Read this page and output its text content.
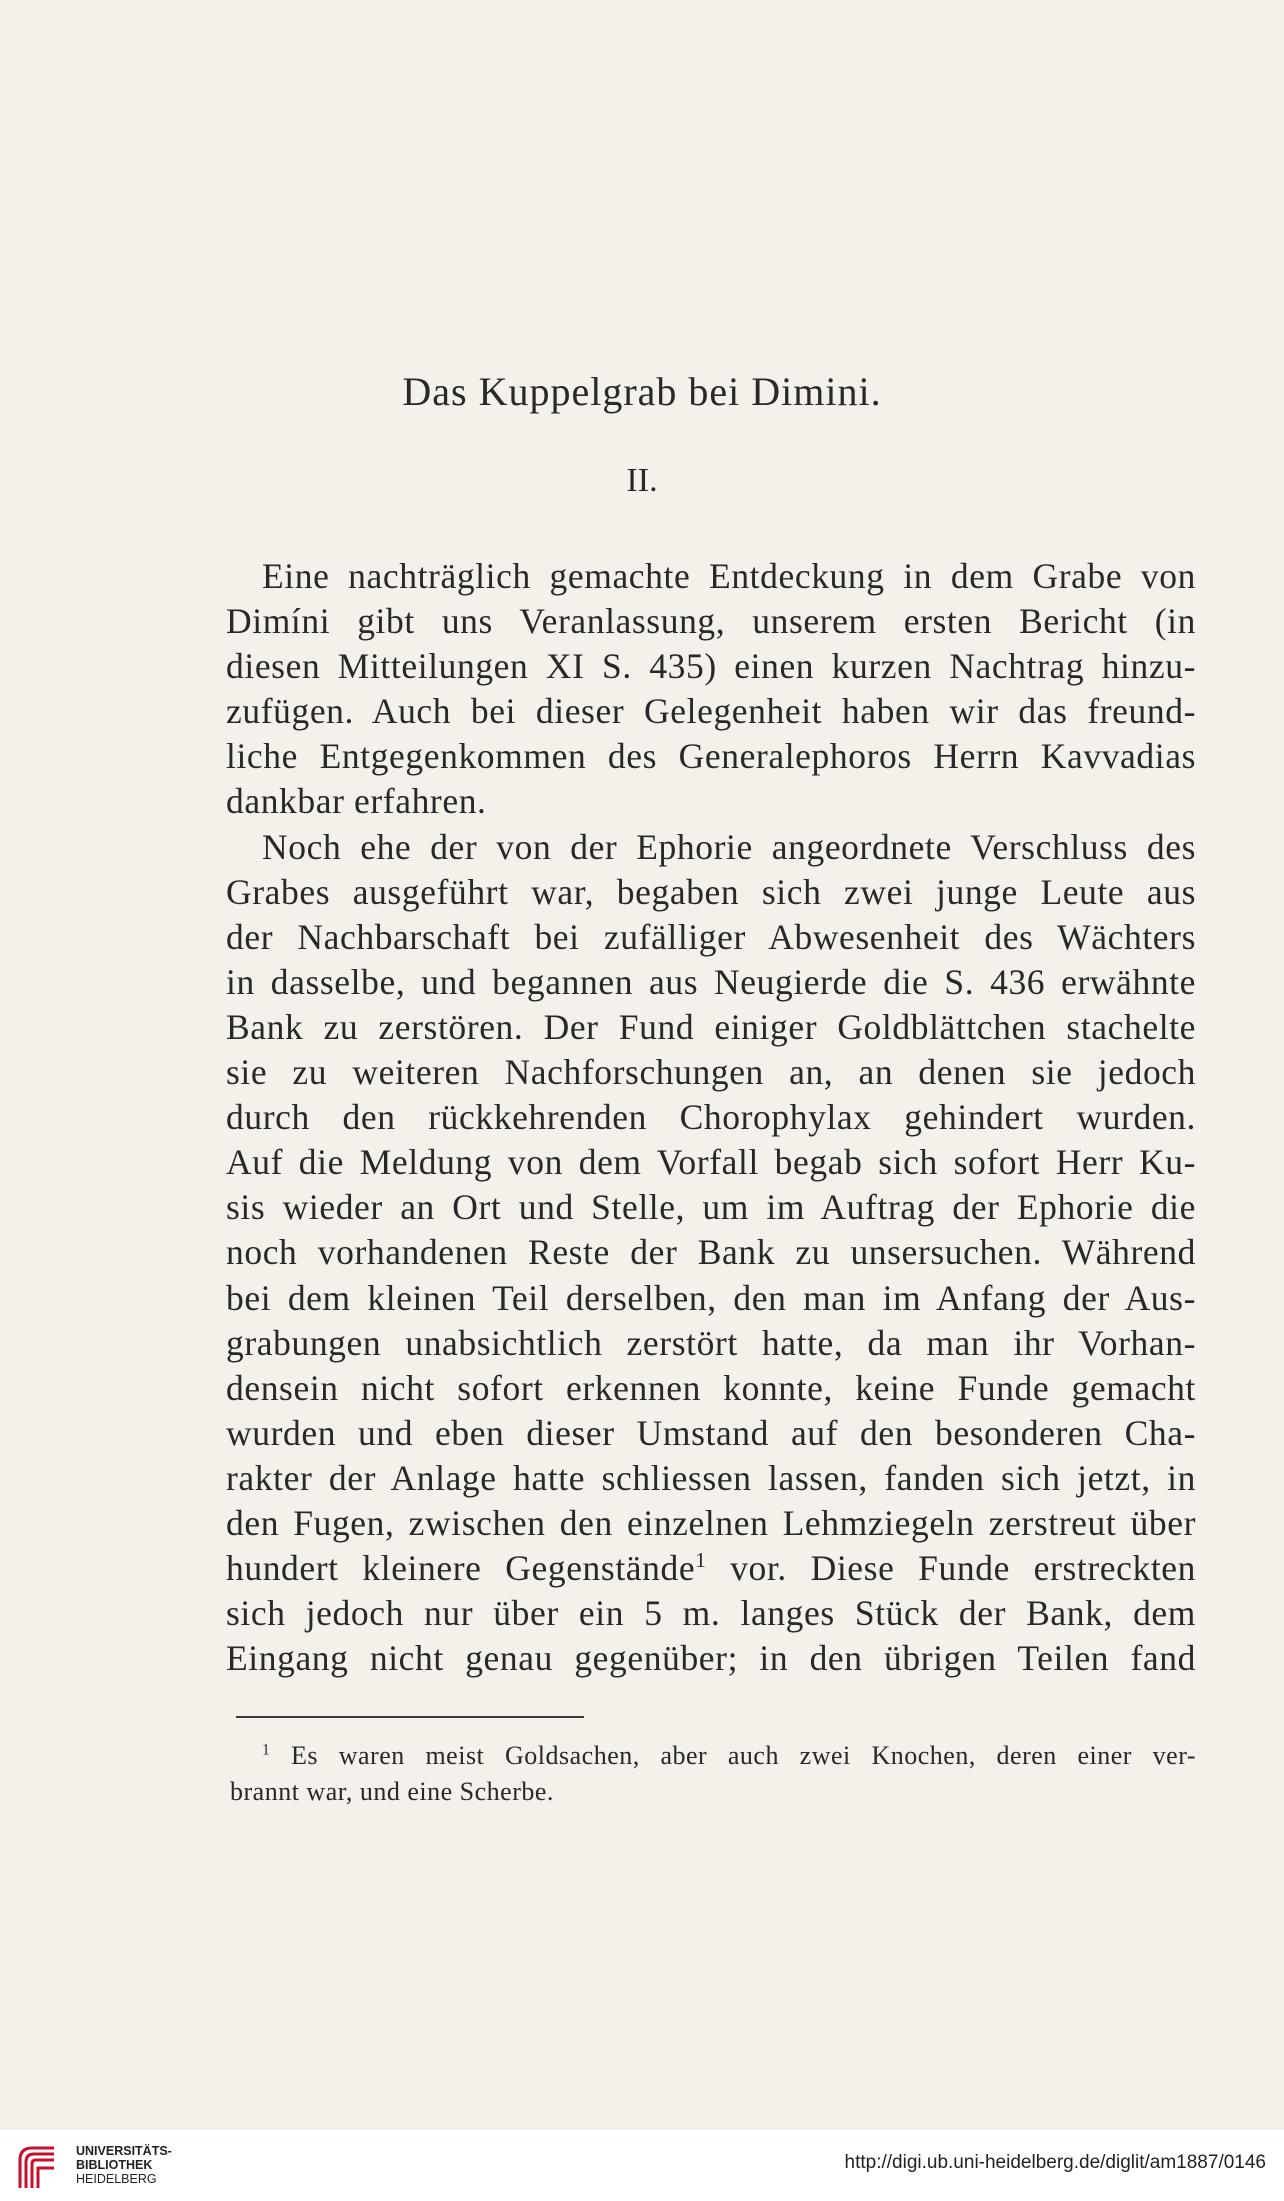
Das Kuppelgrab bei Dimini.
II.
Eine nachträglich gemachte Entdeckung in dem Grabe von
Dimíni gibt uns Veranlassung, unserem ersten Bericht (in
diesen Mitteilungen XI S. 435) einen kurzen Nachtrag hinzu-
zufügen. Auch bei dieser Gelegenheit haben wir das freund-
liche Entgegenkommen des Generalephoros Herrn Kavvadias
dankbar erfahren.
Noch ehe der von der Ephorie angeordnete Verschluss des
Grabes ausgeführt war, begaben sich zwei junge Leute aus
der Nachbarschaft bei zufälliger Abwesenheit des Wächters
in dasselbe, und begannen aus Neugierde die S. 436 erwähnte
Bank zu zerstören. Der Fund einiger Goldblättchen stachelte
sie zu weiteren Nachforschungen an, an denen sie jedoch
durch den rückkehrenden Chorophylax gehindert wurden.
Auf die Meldung von dem Vorfall begab sich sofort Herr Ku-
sis wieder an Ort und Stelle, um im Auftrag der Ephorie die
noch vorhandenen Reste der Bank zu unsersuchen. Während
bei dem kleinen Teil derselben, den man im Anfang der Aus-
grabungen unabsichtlich zerstört hatte, da man ihr Vorhan-
densein nicht sofort erkennen konnte, keine Funde gemacht
wurden und eben dieser Umstand auf den besonderen Cha-
rakter der Anlage hatte schliessen lassen, fanden sich jetzt, in
den Fugen, zwischen den einzelnen Lehmziegeln zerstreut über
hundert kleinere Gegenstände$^1$ vor. Diese Funde erstreckten
sich jedoch nur über ein 5 m. langes Stück der Bank, dem
Eingang nicht genau gegenüber; in den übrigen Teilen fand
$^1$ Es waren meist Goldsachen, aber auch zwei Knochen, deren einer ver-
brannt war, und eine Scherbe.
UNIVERSITÄTS-
BIBLIOTHEK
HEIDELBERG
http://digi.ub.uni-heidelberg.de/diglit/am1887/0146
